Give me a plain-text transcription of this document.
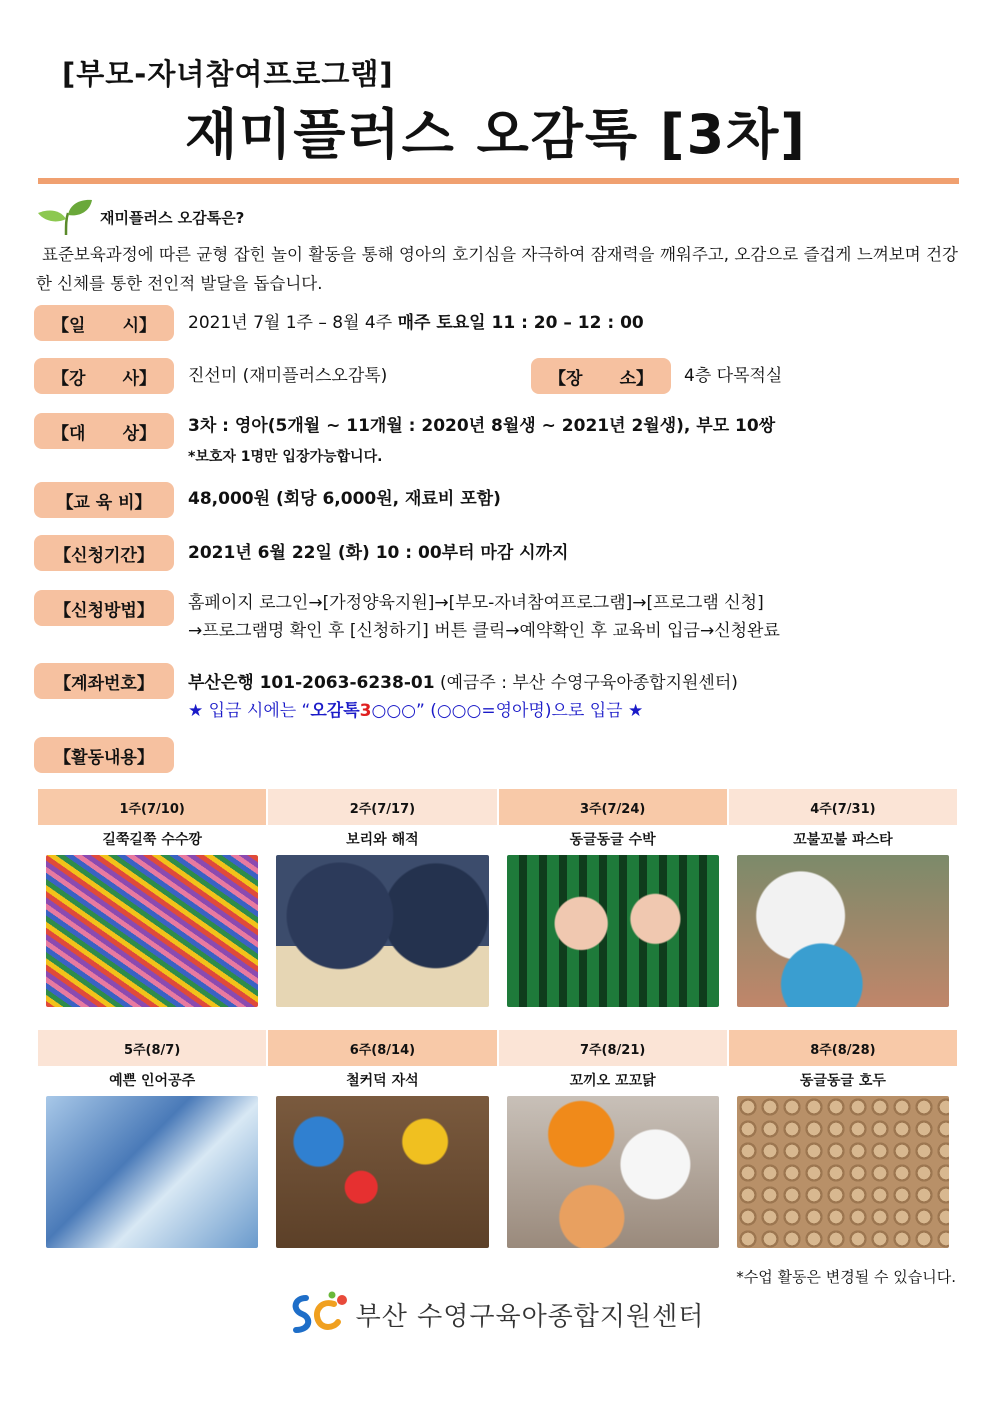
[부모-자녀참여프로그램]
재미플러스 오감톡 [3차]
재미플러스 오감톡은?

표준보육과정에 따른 균형 잡힌 놀이 활동을 통해 영아의 호기심을 자극하여 잠재력을 깨워주고, 오감으로 즐겁게 느껴보며 건강한 신체를 통한 전인적 발달을 돕습니다.

【일 시】 2021년 7월 1주 – 8월 4주 매주 토요일 11 : 20 – 12 : 00
【강 사】 진선미 (재미플러스오감톡)	【장 소】 4층 다목적실
【대 상】 3차 : 영아(5개월 ~ 11개월 : 2020년 8월생 ~ 2021년 2월생), 부모 10쌍
*보호자 1명만 입장가능합니다.
【교 육 비】	48,000원 (회당 6,000원, 재료비 포함)
【신청기간】	2021년 6월 22일 (화) 10 : 00부터 마감 시까지
【신청방법】	홈페이지 로그인→[가정양육지원]→[부모-자녀참여프로그램]→[프로그램 신청]
→프로그램명 확인 후 [신청하기] 버튼 클릭→예약확인 후 교육비 입금→신청완료
【계좌번호】	부산은행 101-2063-6238-01 (예금주 : 부산 수영구육아종합지원센터)
★ 입금 시에는 “오감톡3○○○” (○○○=영아명)으로 입금 ★
【활동내용】
1주(7/10)	2주(7/17)	3주(7/24)	4주(7/31)
길쭉길쭉 수수깡	보리와 해적	동글동글 수박	꼬불꼬불 파스타
5주(8/7)	6주(8/14)	7주(8/21)	8주(8/28)
예쁜 인어공주	철커덕 자석	꼬끼오 꼬꼬닭	동글동글 호두
*수업 활동은 변경될 수 있습니다.
부산 수영구육아종합지원센터
